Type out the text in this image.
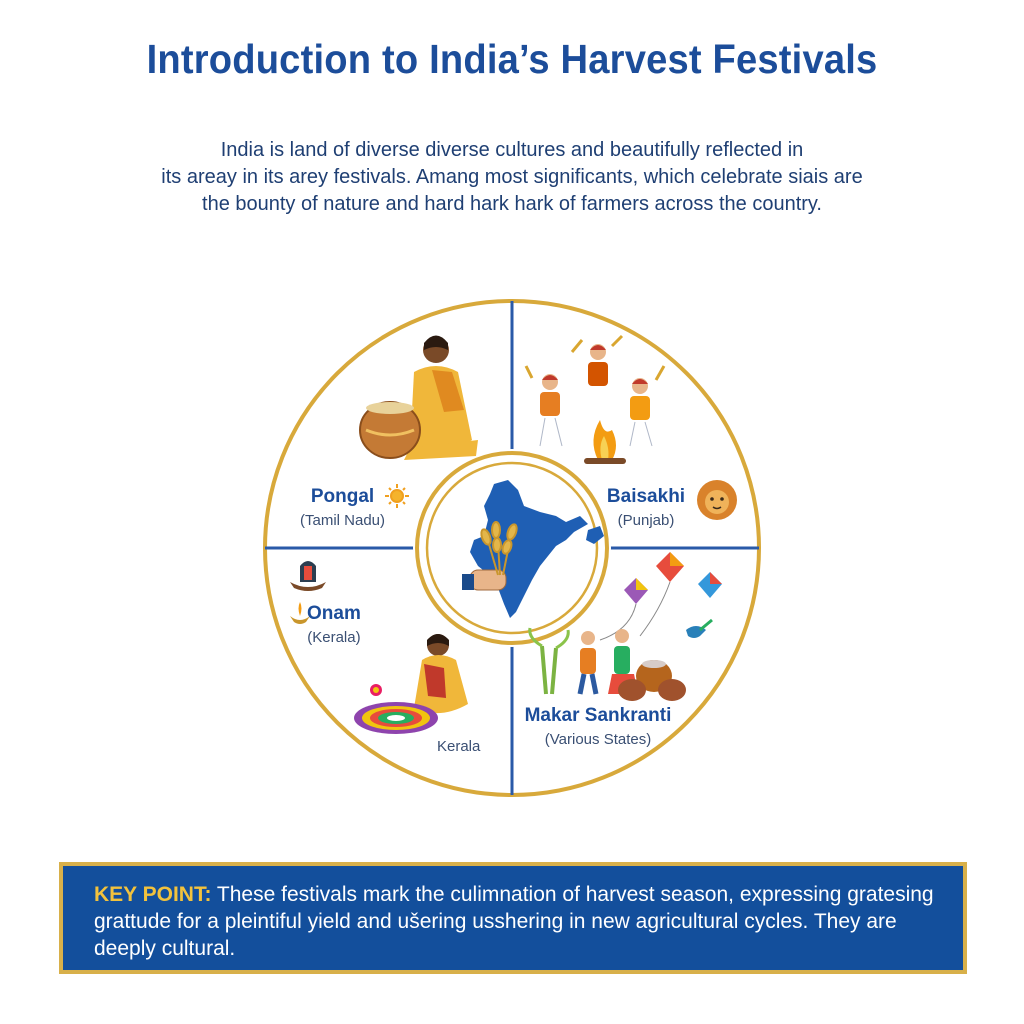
Introduction to India’s Harvest Festivals
India is land of diverse diverse cultures and beautifully reflected in
its areay in its arey festivals. Amang most significants, which celebrate siais are
the bounty of nature and hard hark hark of farmers across the country.
Pongal
(Tamil Nadu)
Baisakhi
(Punjab)
Onam
(Kerala)
Kerala
Makar Sankranti
(Various States)
KEY POINT: These festivals mark the culimnation of harvest season, expressing gratesing grattude for a pleintiful yield and ušering usshering in new agricultural cycles. They are deeply cultural.
